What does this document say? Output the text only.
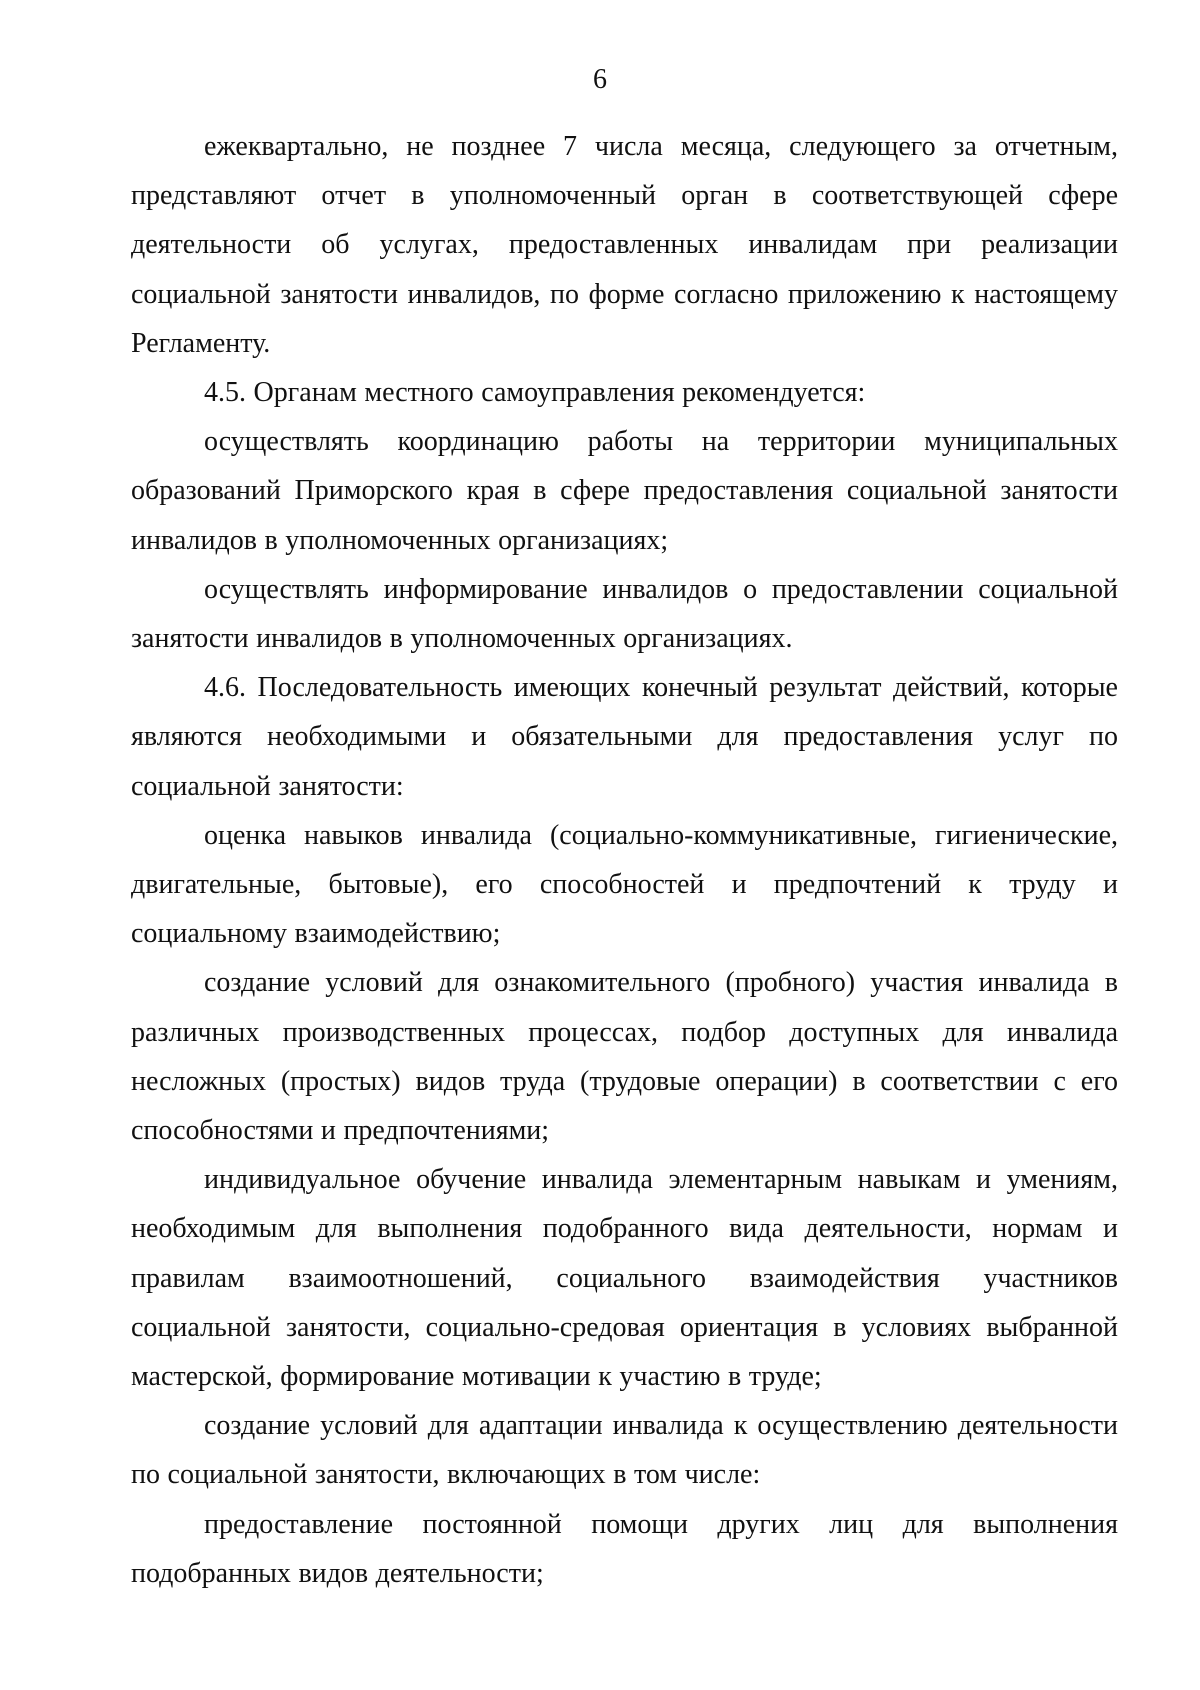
6

ежеквартально, не позднее 7 числа месяца, следующего за отчетным, представляют отчет в уполномоченный орган в соответствующей сфере деятельности об услугах, предоставленных инвалидам при реализации социальной занятости инвалидов, по форме согласно приложению к настоящему Регламенту.

4.5. Органам местного самоуправления рекомендуется:

осуществлять координацию работы на территории муниципальных образований Приморского края в сфере предоставления социальной занятости инвалидов в уполномоченных организациях;

осуществлять информирование инвалидов о предоставлении социальной занятости инвалидов в уполномоченных организациях.

4.6. Последовательность имеющих конечный результат действий, которые являются необходимыми и обязательными для предоставления услуг по социальной занятости:

оценка навыков инвалида (социально-коммуникативные, гигиенические, двигательные, бытовые), его способностей и предпочтений к труду и социальному взаимодействию;

создание условий для ознакомительного (пробного) участия инвалида в различных производственных процессах, подбор доступных для инвалида несложных (простых) видов труда (трудовые операции) в соответствии с его способностями и предпочтениями;

индивидуальное обучение инвалида элементарным навыкам и умениям, необходимым для выполнения подобранного вида деятельности, нормам и правилам взаимоотношений, социального взаимодействия участников социальной занятости, социально-средовая ориентация в условиях выбранной мастерской, формирование мотивации к участию в труде;

создание условий для адаптации инвалида к осуществлению деятельности по социальной занятости, включающих в том числе:

предоставление постоянной помощи других лиц для выполнения подобранных видов деятельности;
